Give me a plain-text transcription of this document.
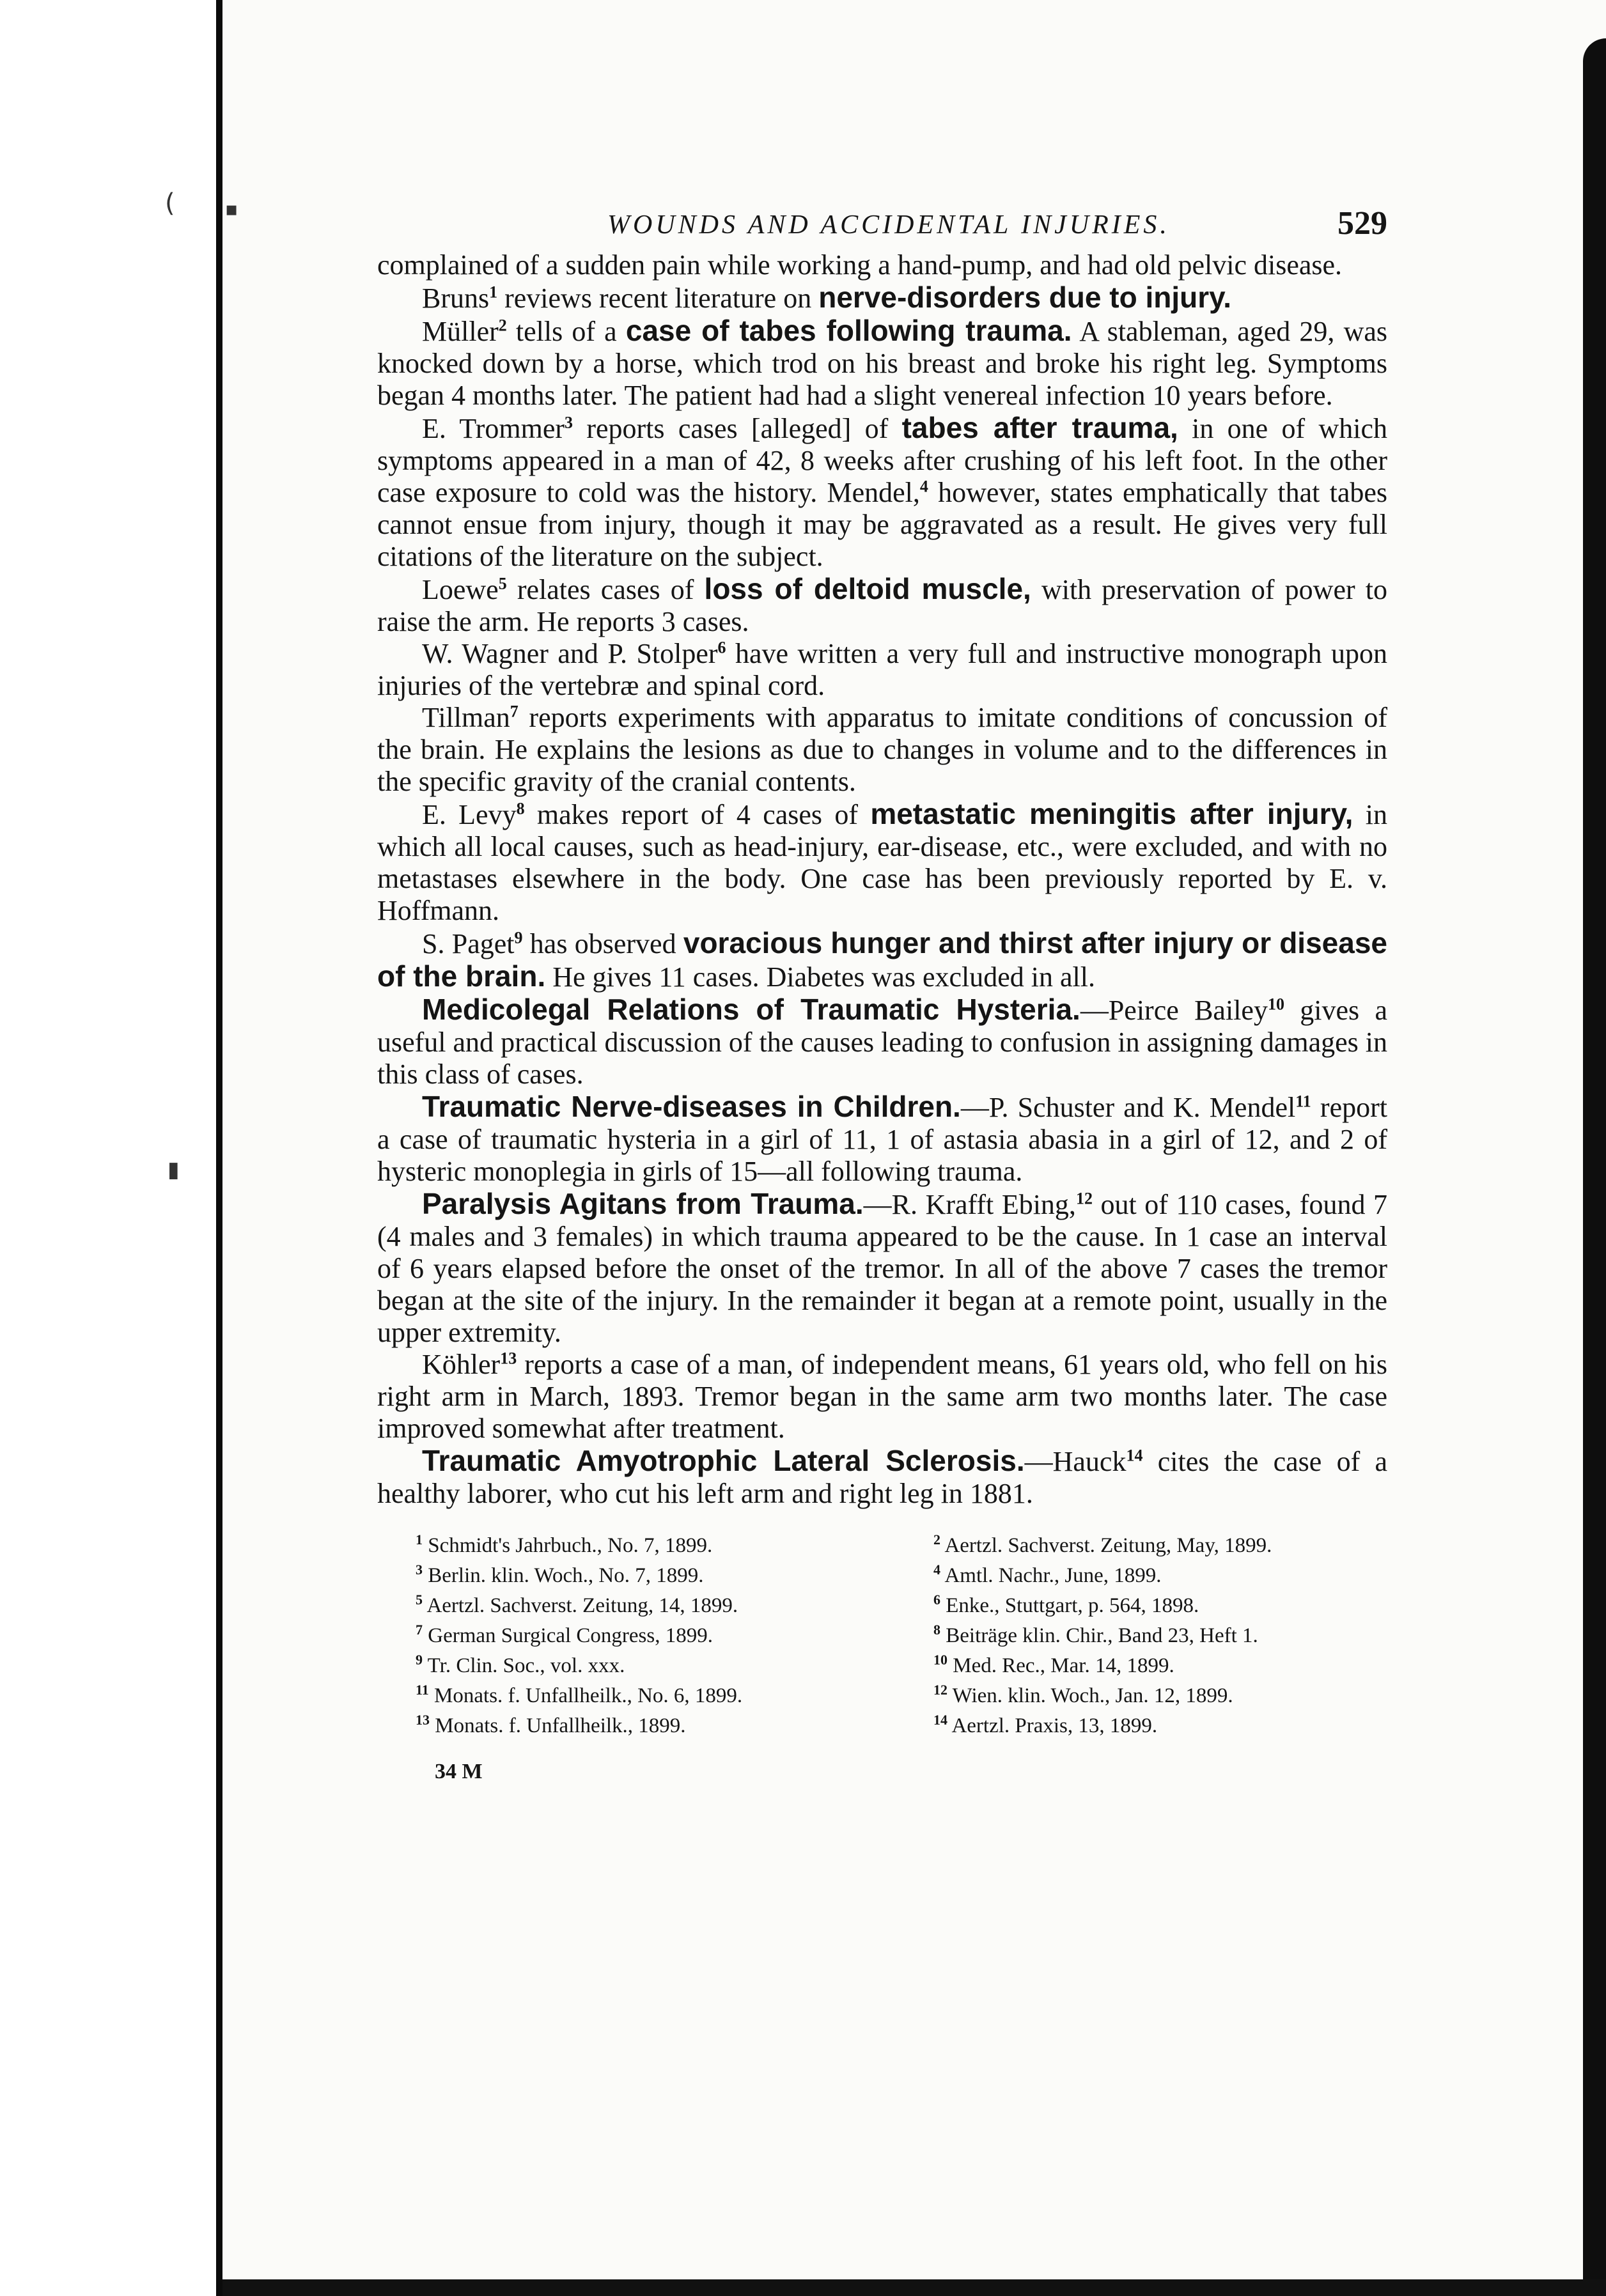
(	▪
▮
WOUNDS AND ACCIDENTAL INJURIES.	529

complained of a sudden pain while working a hand-pump, and had old pelvic disease.

Bruns$^1$ reviews recent literature on nerve-disorders due to injury.

Müller$^2$ tells of a case of tabes following trauma. A stableman, aged 29, was knocked down by a horse, which trod on his breast and broke his right leg. Symptoms began 4 months later. The patient had had a slight venereal infection 10 years before.

E. Trommer$^3$ reports cases [alleged] of tabes after trauma, in one of which symptoms appeared in a man of 42, 8 weeks after crushing of his left foot. In the other case exposure to cold was the history. Mendel,$^4$ however, states emphatically that tabes cannot ensue from injury, though it may be aggravated as a result. He gives very full citations of the literature on the subject.

Loewe$^5$ relates cases of loss of deltoid muscle, with preservation of power to raise the arm. He reports 3 cases.

W. Wagner and P. Stolper$^6$ have written a very full and instructive monograph upon injuries of the vertebræ and spinal cord.

Tillman$^7$ reports experiments with apparatus to imitate conditions of concussion of the brain. He explains the lesions as due to changes in volume and to the differences in the specific gravity of the cranial contents.

E. Levy$^8$ makes report of 4 cases of metastatic meningitis after injury, in which all local causes, such as head-injury, ear-disease, etc., were excluded, and with no metastases elsewhere in the body. One case has been previously reported by E. v. Hoffmann.

S. Paget$^9$ has observed voracious hunger and thirst after injury or disease of the brain. He gives 11 cases. Diabetes was excluded in all.

Medicolegal Relations of Traumatic Hysteria.—Peirce Bailey$^{10}$ gives a useful and practical discussion of the causes leading to confusion in assigning damages in this class of cases.

Traumatic Nerve-diseases in Children.—P. Schuster and K. Mendel$^{11}$ report a case of traumatic hysteria in a girl of 11, 1 of astasia abasia in a girl of 12, and 2 of hysteric monoplegia in girls of 15—all following trauma.

Paralysis Agitans from Trauma.—R. Krafft Ebing,$^{12}$ out of 110 cases, found 7 (4 males and 3 females) in which trauma appeared to be the cause. In 1 case an interval of 6 years elapsed before the onset of the tremor. In all of the above 7 cases the tremor began at the site of the injury. In the remainder it began at a remote point, usually in the upper extremity.

Köhler$^{13}$ reports a case of a man, of independent means, 61 years old, who fell on his right arm in March, 1893. Tremor began in the same arm two months later. The case improved somewhat after treatment.

Traumatic Amyotrophic Lateral Sclerosis.—Hauck$^{14}$ cites the case of a healthy laborer, who cut his left arm and right leg in 1881.

$^1$ Schmidt's Jahrbuch., No. 7, 1899.	$^2$ Aertzl. Sachverst. Zeitung, May, 1899.
$^3$ Berlin. klin. Woch., No. 7, 1899.	$^4$ Amtl. Nachr., June, 1899.
$^5$ Aertzl. Sachverst. Zeitung, 14, 1899.	$^6$ Enke., Stuttgart, p. 564, 1898.
$^7$ German Surgical Congress, 1899.	$^8$ Beiträge klin. Chir., Band 23, Heft 1.
$^9$ Tr. Clin. Soc., vol. xxx.	$^{10}$ Med. Rec., Mar. 14, 1899.
$^{11}$ Monats. f. Unfallheilk., No. 6, 1899.	$^{12}$ Wien. klin. Woch., Jan. 12, 1899.
$^{13}$ Monats. f. Unfallheilk., 1899.	$^{14}$ Aertzl. Praxis, 13, 1899.
34 M
